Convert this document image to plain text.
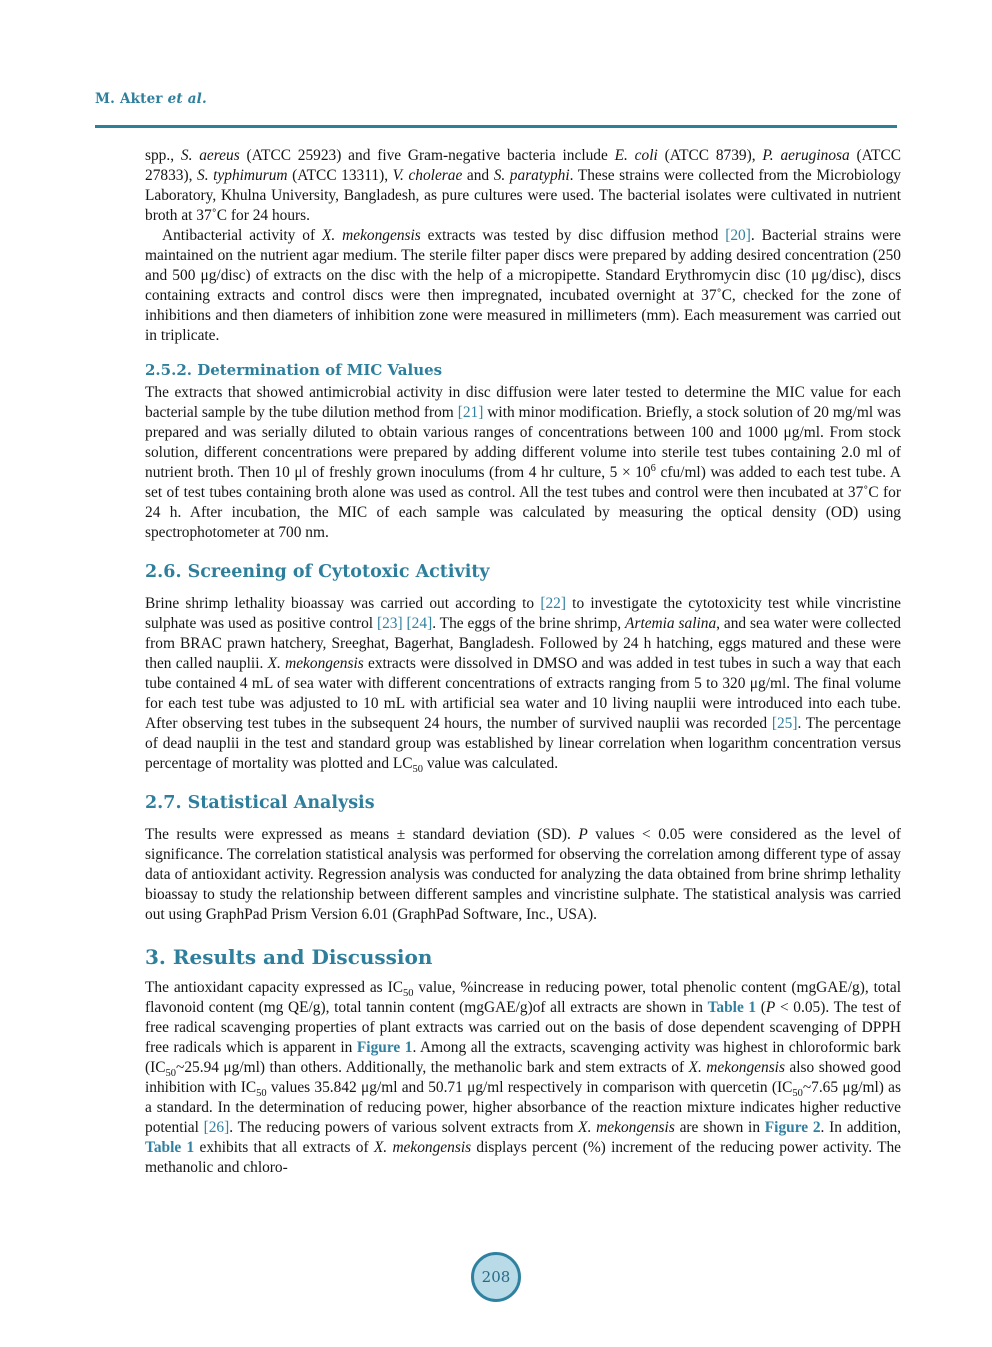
M. Akter et al.

spp., S. aereus (ATCC 25923) and five Gram-negative bacteria include E. coli (ATCC 8739), P. aeruginosa (ATCC 27833), S. typhimurum (ATCC 13311), V. cholerae and S. paratyphi. These strains were collected from the Microbiology Laboratory, Khulna University, Bangladesh, as pure cultures were used. The bacterial isolates were cultivated in nutrient broth at 37˚C for 24 hours.

Antibacterial activity of X. mekongensis extracts was tested by disc diffusion method [20]. Bacterial strains were maintained on the nutrient agar medium. The sterile filter paper discs were prepared by adding desired concentration (250 and 500 μg/disc) of extracts on the disc with the help of a micropipette. Standard Erythromycin disc (10 μg/disc), discs containing extracts and control discs were then impregnated, incubated overnight at 37˚C, checked for the zone of inhibitions and then diameters of inhibition zone were measured in millimeters (mm). Each measurement was carried out in triplicate.

2.5.2. Determination of MIC Values

The extracts that showed antimicrobial activity in disc diffusion were later tested to determine the MIC value for each bacterial sample by the tube dilution method from [21] with minor modification. Briefly, a stock solution of 20 mg/ml was prepared and was serially diluted to obtain various ranges of concentrations between 100 and 1000 μg/ml. From stock solution, different concentrations were prepared by adding different volume into sterile test tubes containing 2.0 ml of nutrient broth. Then 10 μl of freshly grown inoculums (from 4 hr culture, $5 \times 10^6$ cfu/ml) was added to each test tube. A set of test tubes containing broth alone was used as control. All the test tubes and control were then incubated at 37˚C for 24 h. After incubation, the MIC of each sample was calculated by measuring the optical density (OD) using spectrophotometer at 700 nm.

2.6. Screening of Cytotoxic Activity

Brine shrimp lethality bioassay was carried out according to [22] to investigate the cytotoxicity test while vincristine sulphate was used as positive control [23] [24]. The eggs of the brine shrimp, Artemia salina, and sea water were collected from BRAC prawn hatchery, Sreeghat, Bagerhat, Bangladesh. Followed by 24 h hatching, eggs matured and these were then called nauplii. X. mekongensis extracts were dissolved in DMSO and was added in test tubes in such a way that each tube contained 4 mL of sea water with different concentrations of extracts ranging from 5 to 320 μg/ml. The final volume for each test tube was adjusted to 10 mL with artificial sea water and 10 living nauplii were introduced into each tube. After observing test tubes in the subsequent 24 hours, the number of survived nauplii was recorded [25]. The percentage of dead nauplii in the test and standard group was established by linear correlation when logarithm concentration versus percentage of mortality was plotted and $LC_{50}$ value was calculated.

2.7. Statistical Analysis

The results were expressed as means ± standard deviation (SD). P values < 0.05 were considered as the level of significance. The correlation statistical analysis was performed for observing the correlation among different type of assay data of antioxidant activity. Regression analysis was conducted for analyzing the data obtained from brine shrimp lethality bioassay to study the relationship between different samples and vincristine sulphate. The statistical analysis was carried out using GraphPad Prism Version 6.01 (GraphPad Software, Inc., USA).

3. Results and Discussion

The antioxidant capacity expressed as $IC_{50}$ value, %increase in reducing power, total phenolic content (mgGAE/g), total flavonoid content (mg QE/g), total tannin content (mgGAE/g)of all extracts are shown in Table 1 (P < 0.05). The test of free radical scavenging properties of plant extracts was carried out on the basis of dose dependent scavenging of DPPH free radicals which is apparent in Figure 1. Among all the extracts, scavenging activity was highest in chloroformic bark ($IC_{50}\sim 25.94$ μg/ml) than others. Additionally, the methanolic bark and stem extracts of X. mekongensis also showed good inhibition with $IC_{50}$ values 35.842 μg/ml and 50.71 μg/ml respectively in comparison with quercetin ($IC_{50}\sim 7.65$ μg/ml) as a standard. In the determination of reducing power, higher absorbance of the reaction mixture indicates higher reductive potential [26]. The reducing powers of various solvent extracts from X. mekongensis are shown in Figure 2. In addition, Table 1 exhibits that all extracts of X. mekongensis displays percent (%) increment of the reducing power activity. The methanolic and chloro-

208
